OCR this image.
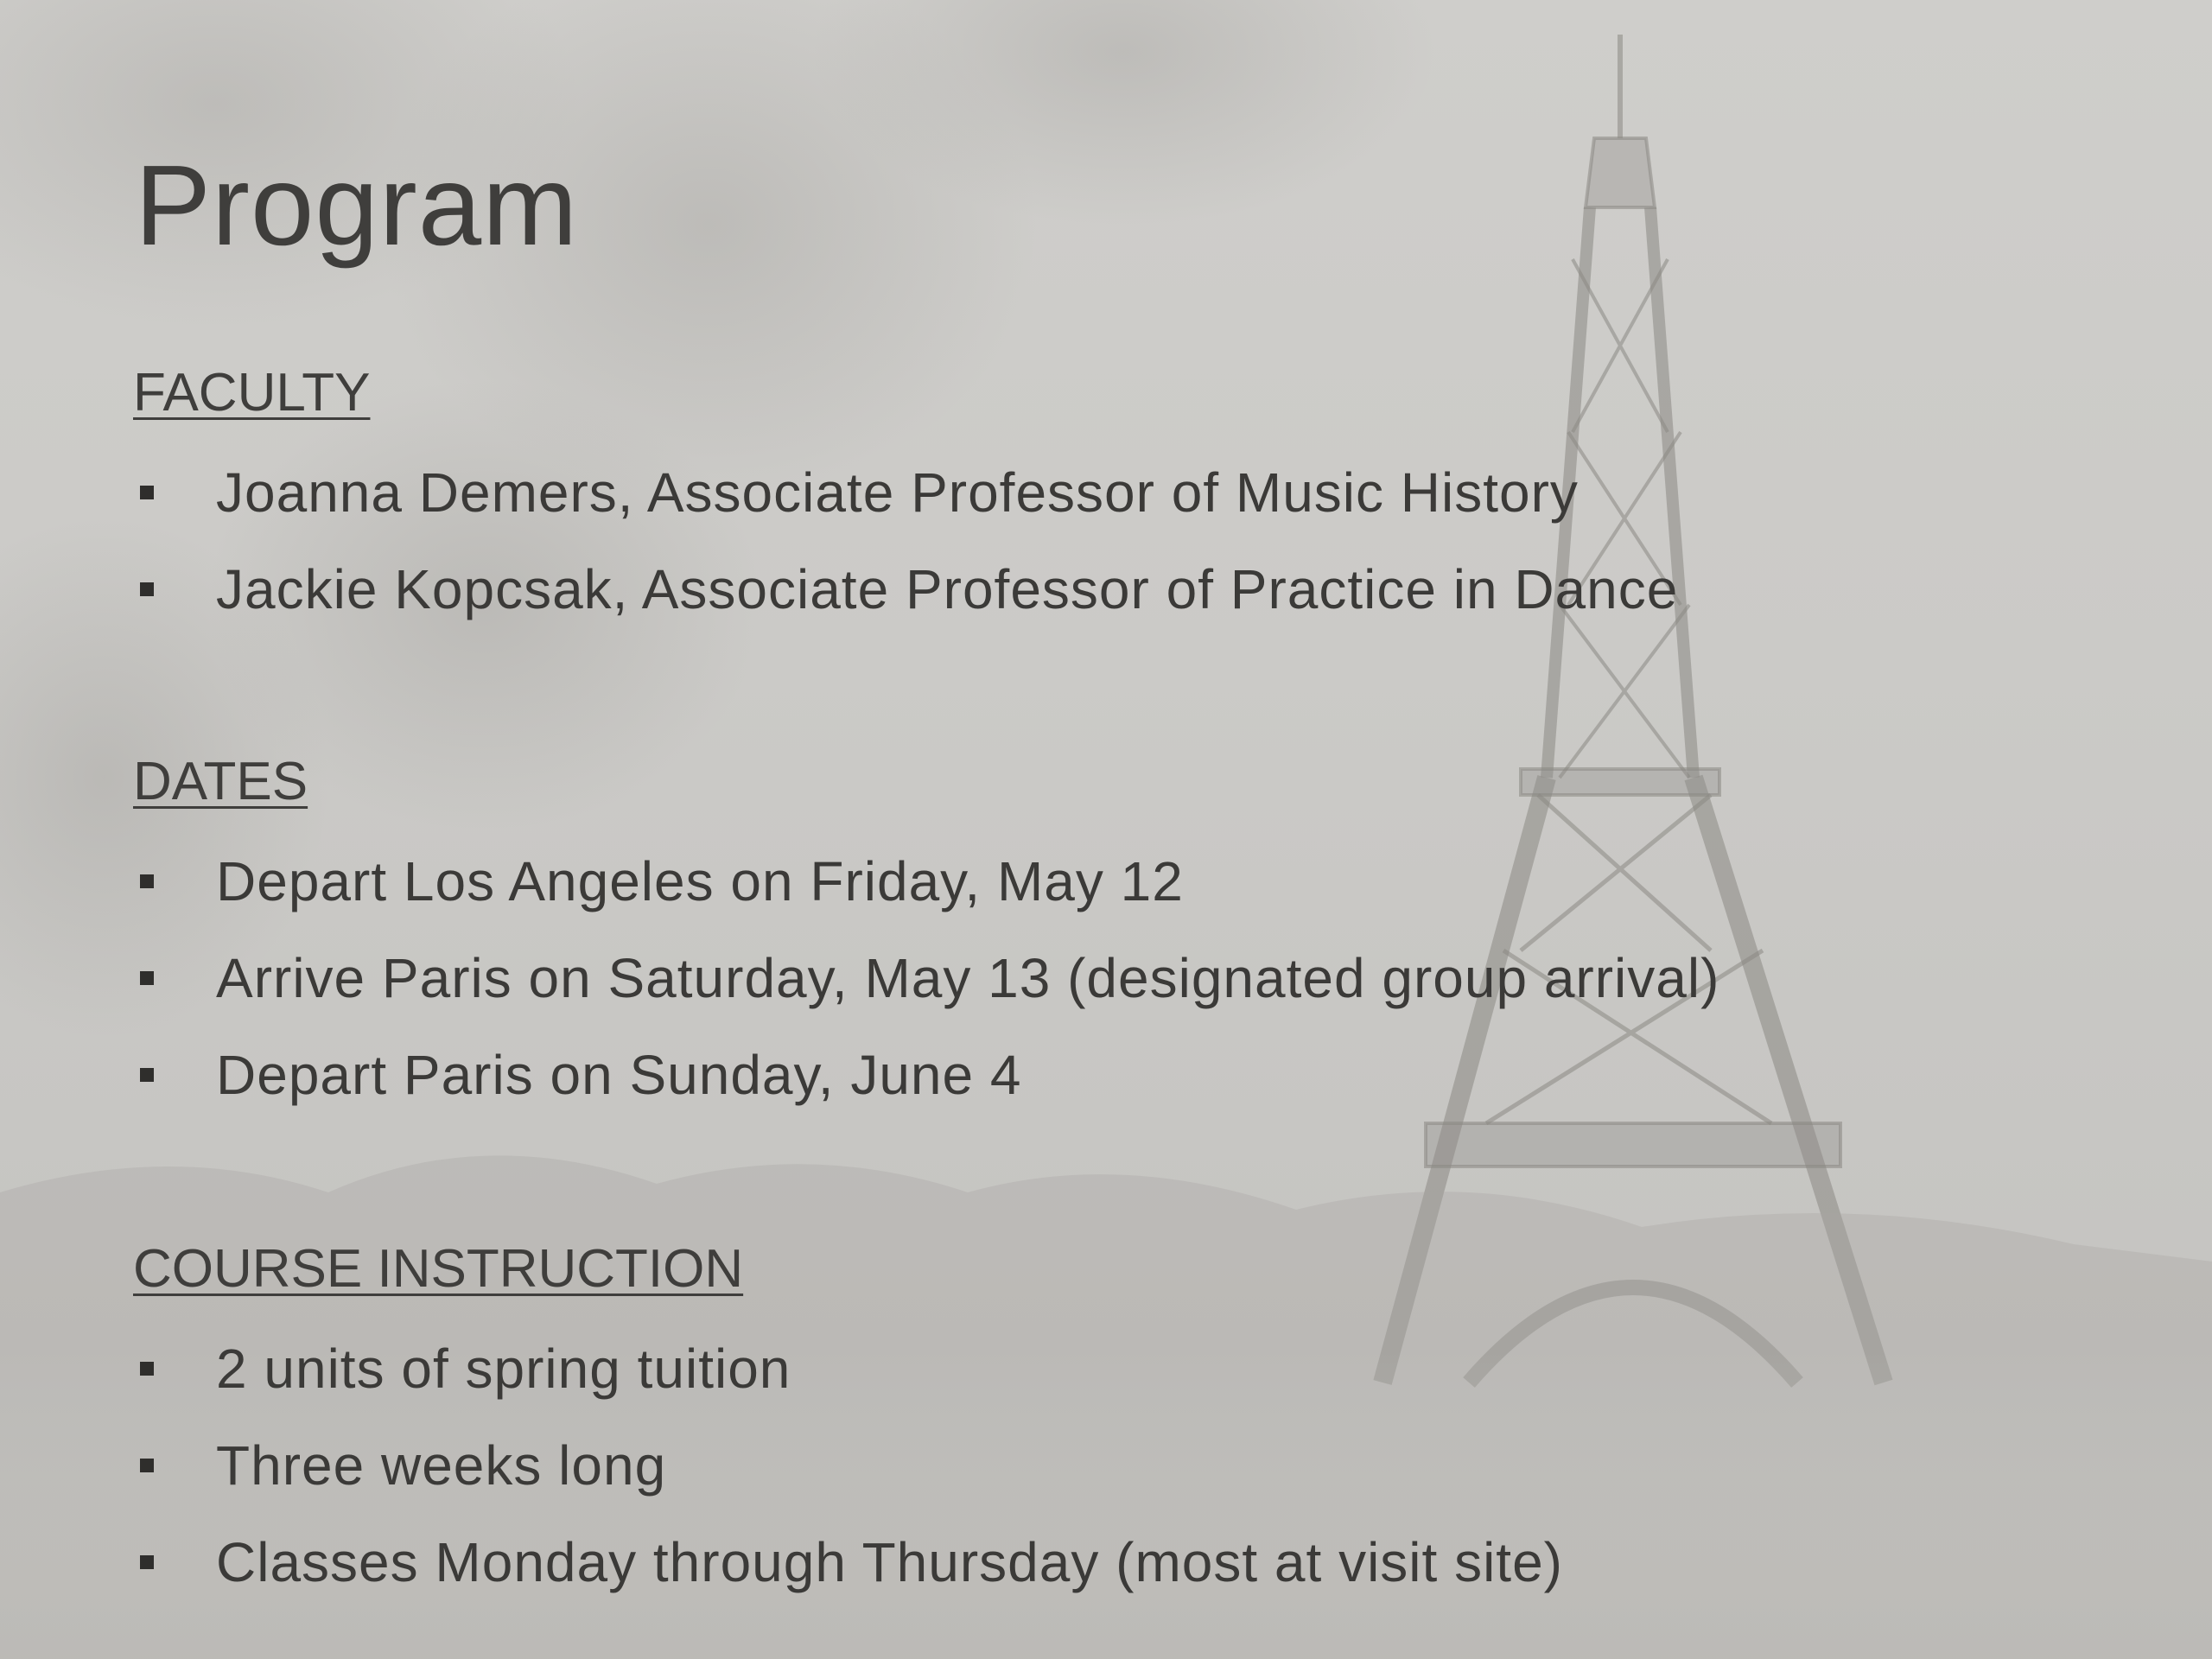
Program
FACULTY
Joanna Demers, Associate Professor of Music History
Jackie Kopcsak, Associate Professor of Practice in Dance
DATES
Depart Los Angeles on Friday, May 12
Arrive Paris on Saturday, May 13 (designated group arrival)
Depart Paris on Sunday, June 4
COURSE INSTRUCTION
2 units of spring tuition
Three weeks long
Classes Monday through Thursday (most at visit site)
